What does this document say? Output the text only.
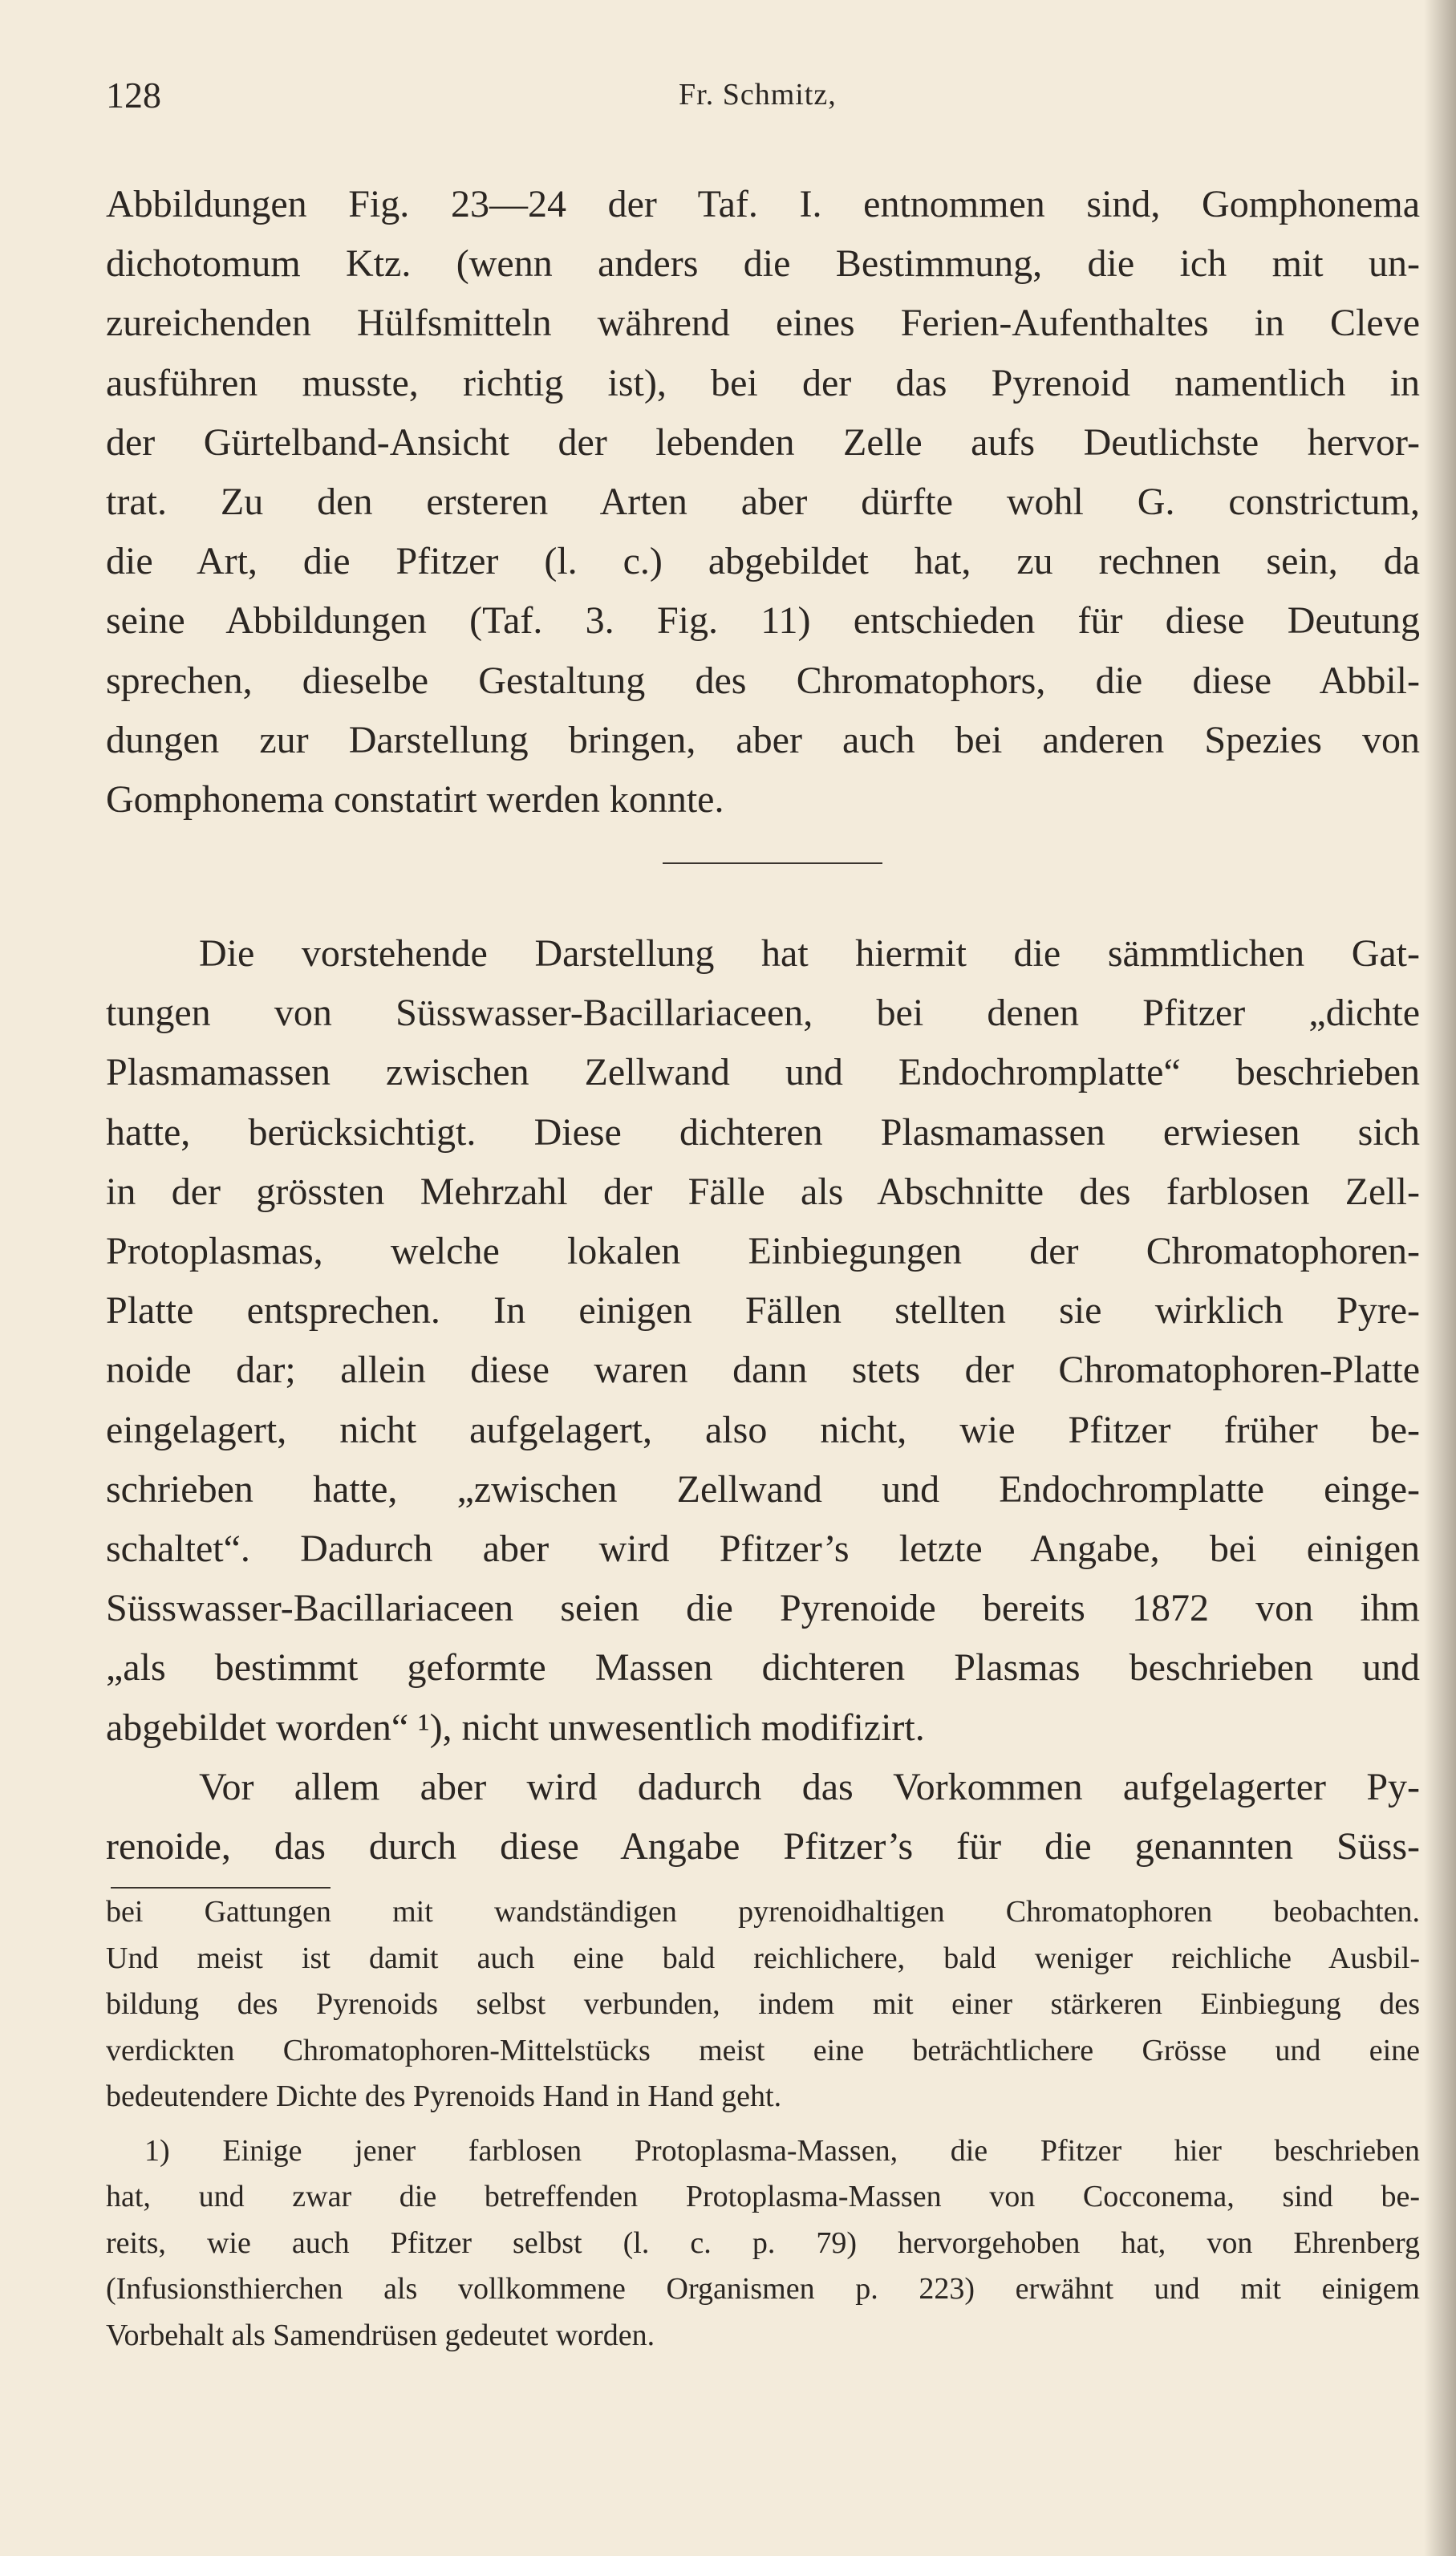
128	Fr. Schmitz,
Abbildungen Fig. 23—24 der Taf. I. entnommen sind, Gomphonema
dichotomum Ktz. (wenn anders die Bestimmung, die ich mit un-
zureichenden Hülfsmitteln während eines Ferien-Aufenthaltes in Cleve
ausführen musste, richtig ist), bei der das Pyrenoid namentlich in
der Gürtelband-Ansicht der lebenden Zelle aufs Deutlichste hervor-
trat. Zu den ersteren Arten aber dürfte wohl G. constrictum,
die Art, die Pfitzer (l. c.) abgebildet hat, zu rechnen sein, da
seine Abbildungen (Taf. 3. Fig. 11) entschieden für diese Deutung
sprechen, dieselbe Gestaltung des Chromatophors, die diese Abbil-
dungen zur Darstellung bringen, aber auch bei anderen Spezies von
Gomphonema constatirt werden konnte.
Die vorstehende Darstellung hat hiermit die sämmtlichen Gat-
tungen von Süsswasser-Bacillariaceen, bei denen Pfitzer „dichte
Plasmamassen zwischen Zellwand und Endochromplatte“ beschrieben
hatte, berücksichtigt. Diese dichteren Plasmamassen erwiesen sich
in der grössten Mehrzahl der Fälle als Abschnitte des farblosen Zell-
Protoplasmas, welche lokalen Einbiegungen der Chromatophoren-
Platte entsprechen. In einigen Fällen stellten sie wirklich Pyre-
noide dar; allein diese waren dann stets der Chromatophoren-Platte
eingelagert, nicht aufgelagert, also nicht, wie Pfitzer früher be-
schrieben hatte, „zwischen Zellwand und Endochromplatte einge-
schaltet“. Dadurch aber wird Pfitzer’s letzte Angabe, bei einigen
Süsswasser-Bacillariaceen seien die Pyrenoide bereits 1872 von ihm
„als bestimmt geformte Massen dichteren Plasmas beschrieben und
abgebildet worden“ ¹), nicht unwesentlich modifizirt.
Vor allem aber wird dadurch das Vorkommen aufgelagerter Py-
renoide, das durch diese Angabe Pfitzer’s für die genannten Süss-
bei Gattungen mit wandständigen pyrenoidhaltigen Chromatophoren beobachten.
Und meist ist damit auch eine bald reichlichere, bald weniger reichliche Ausbil-
bildung des Pyrenoids selbst verbunden, indem mit einer stärkeren Einbiegung des
verdickten Chromatophoren-Mittelstücks meist eine beträchtlichere Grösse und eine
bedeutendere Dichte des Pyrenoids Hand in Hand geht.
1) Einige jener farblosen Protoplasma-Massen, die Pfitzer hier beschrieben
hat, und zwar die betreffenden Protoplasma-Massen von Cocconema, sind be-
reits, wie auch Pfitzer selbst (l. c. p. 79) hervorgehoben hat, von Ehrenberg
(Infusionsthierchen als vollkommene Organismen p. 223) erwähnt und mit einigem
Vorbehalt als Samendrüsen gedeutet worden.
